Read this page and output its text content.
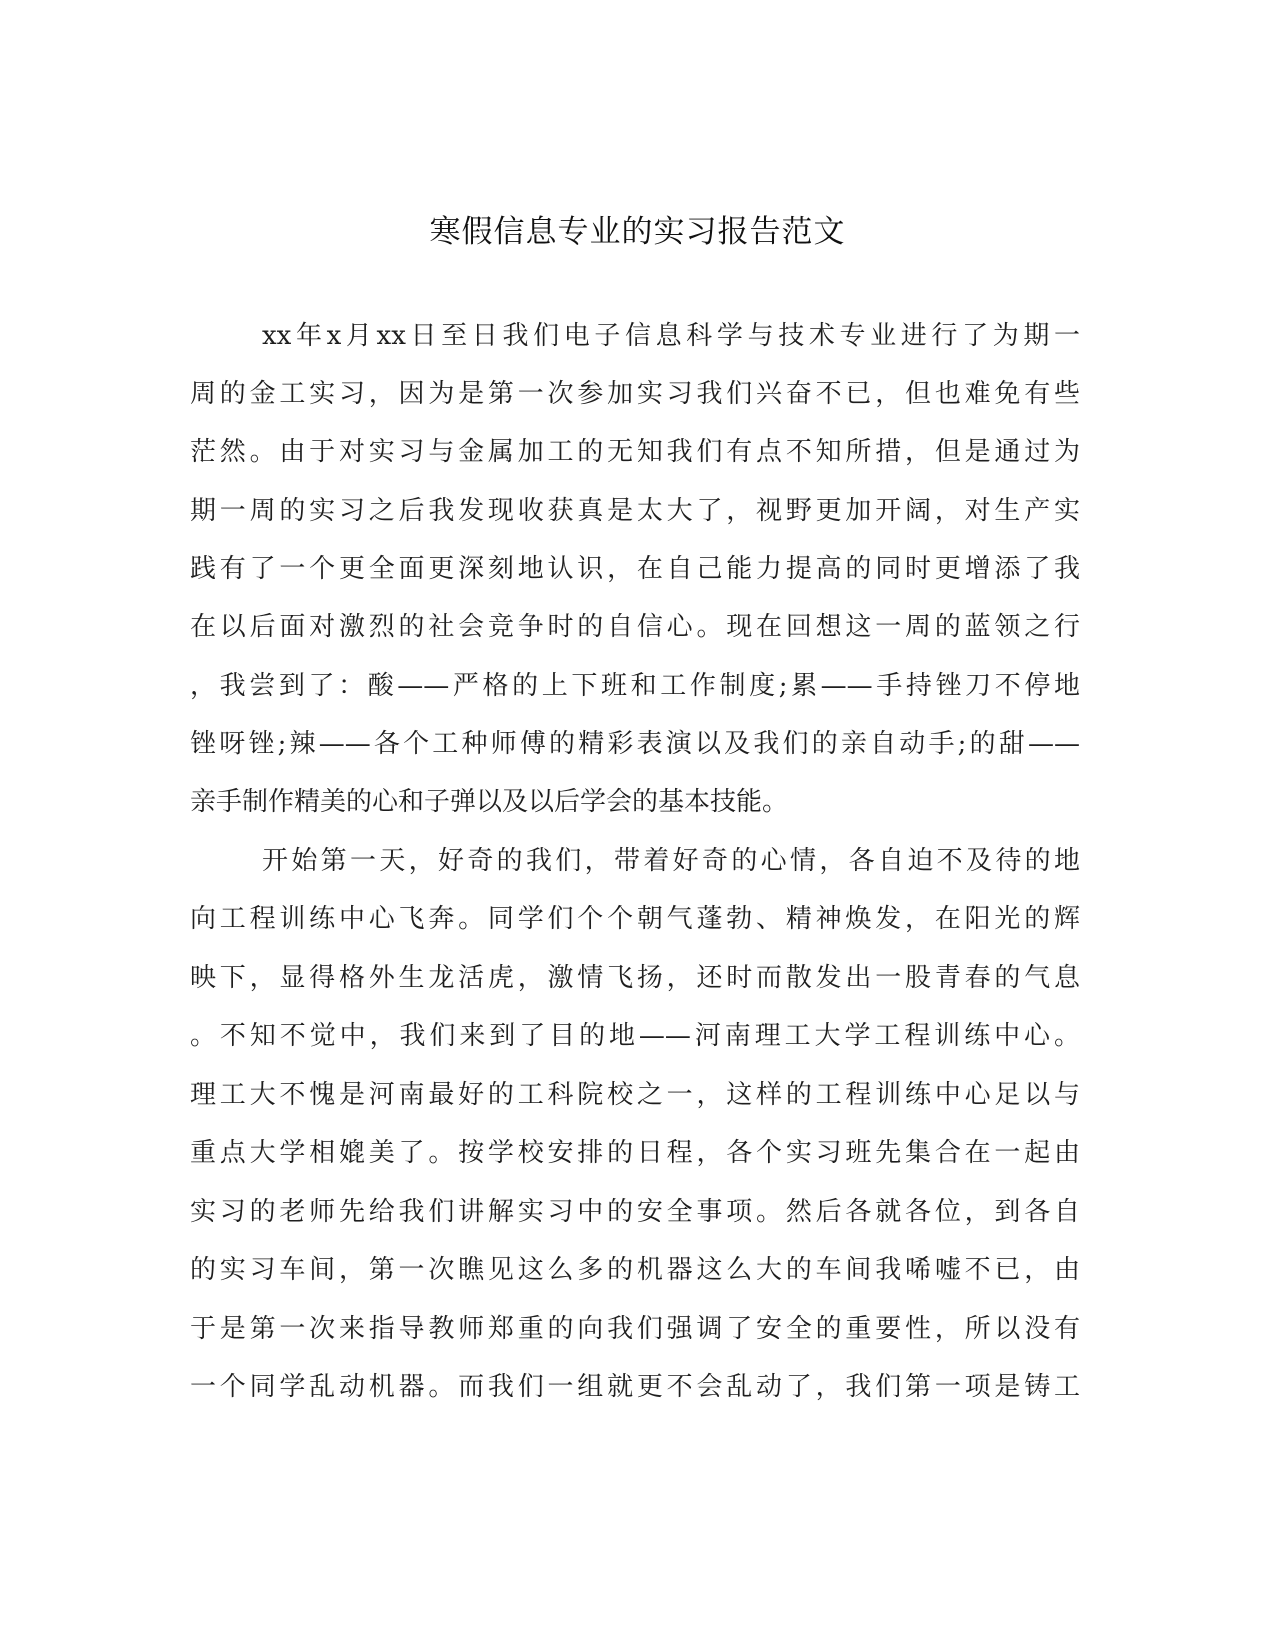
寒假信息专业的实习报告范文
xx年x月xx日至日我们电子信息科学与技术专业进行了为期一
周的金工实习，因为是第一次参加实习我们兴奋不已，但也难免有些
茫然。由于对实习与金属加工的无知我们有点不知所措，但是通过为
期一周的实习之后我发现收获真是太大了，视野更加开阔，对生产实
践有了一个更全面更深刻地认识，在自己能力提高的同时更增添了我
在以后面对激烈的社会竞争时的自信心。现在回想这一周的蓝领之行
，我尝到了：酸——严格的上下班和工作制度;累——手持锉刀不停地
锉呀锉;辣——各个工种师傅的精彩表演以及我们的亲自动手;的甜——
亲手制作精美的心和子弹以及以后学会的基本技能。
开始第一天，好奇的我们，带着好奇的心情，各自迫不及待的地
向工程训练中心飞奔。同学们个个朝气蓬勃、精神焕发，在阳光的辉
映下，显得格外生龙活虎，激情飞扬，还时而散发出一股青春的气息
。不知不觉中，我们来到了目的地——河南理工大学工程训练中心。
理工大不愧是河南最好的工科院校之一，这样的工程训练中心足以与
重点大学相媲美了。按学校安排的日程，各个实习班先集合在一起由
实习的老师先给我们讲解实习中的安全事项。然后各就各位，到各自
的实习车间，第一次瞧见这么多的机器这么大的车间我唏嘘不已，由
于是第一次来指导教师郑重的向我们强调了安全的重要性，所以没有
一个同学乱动机器。而我们一组就更不会乱动了，我们第一项是铸工
